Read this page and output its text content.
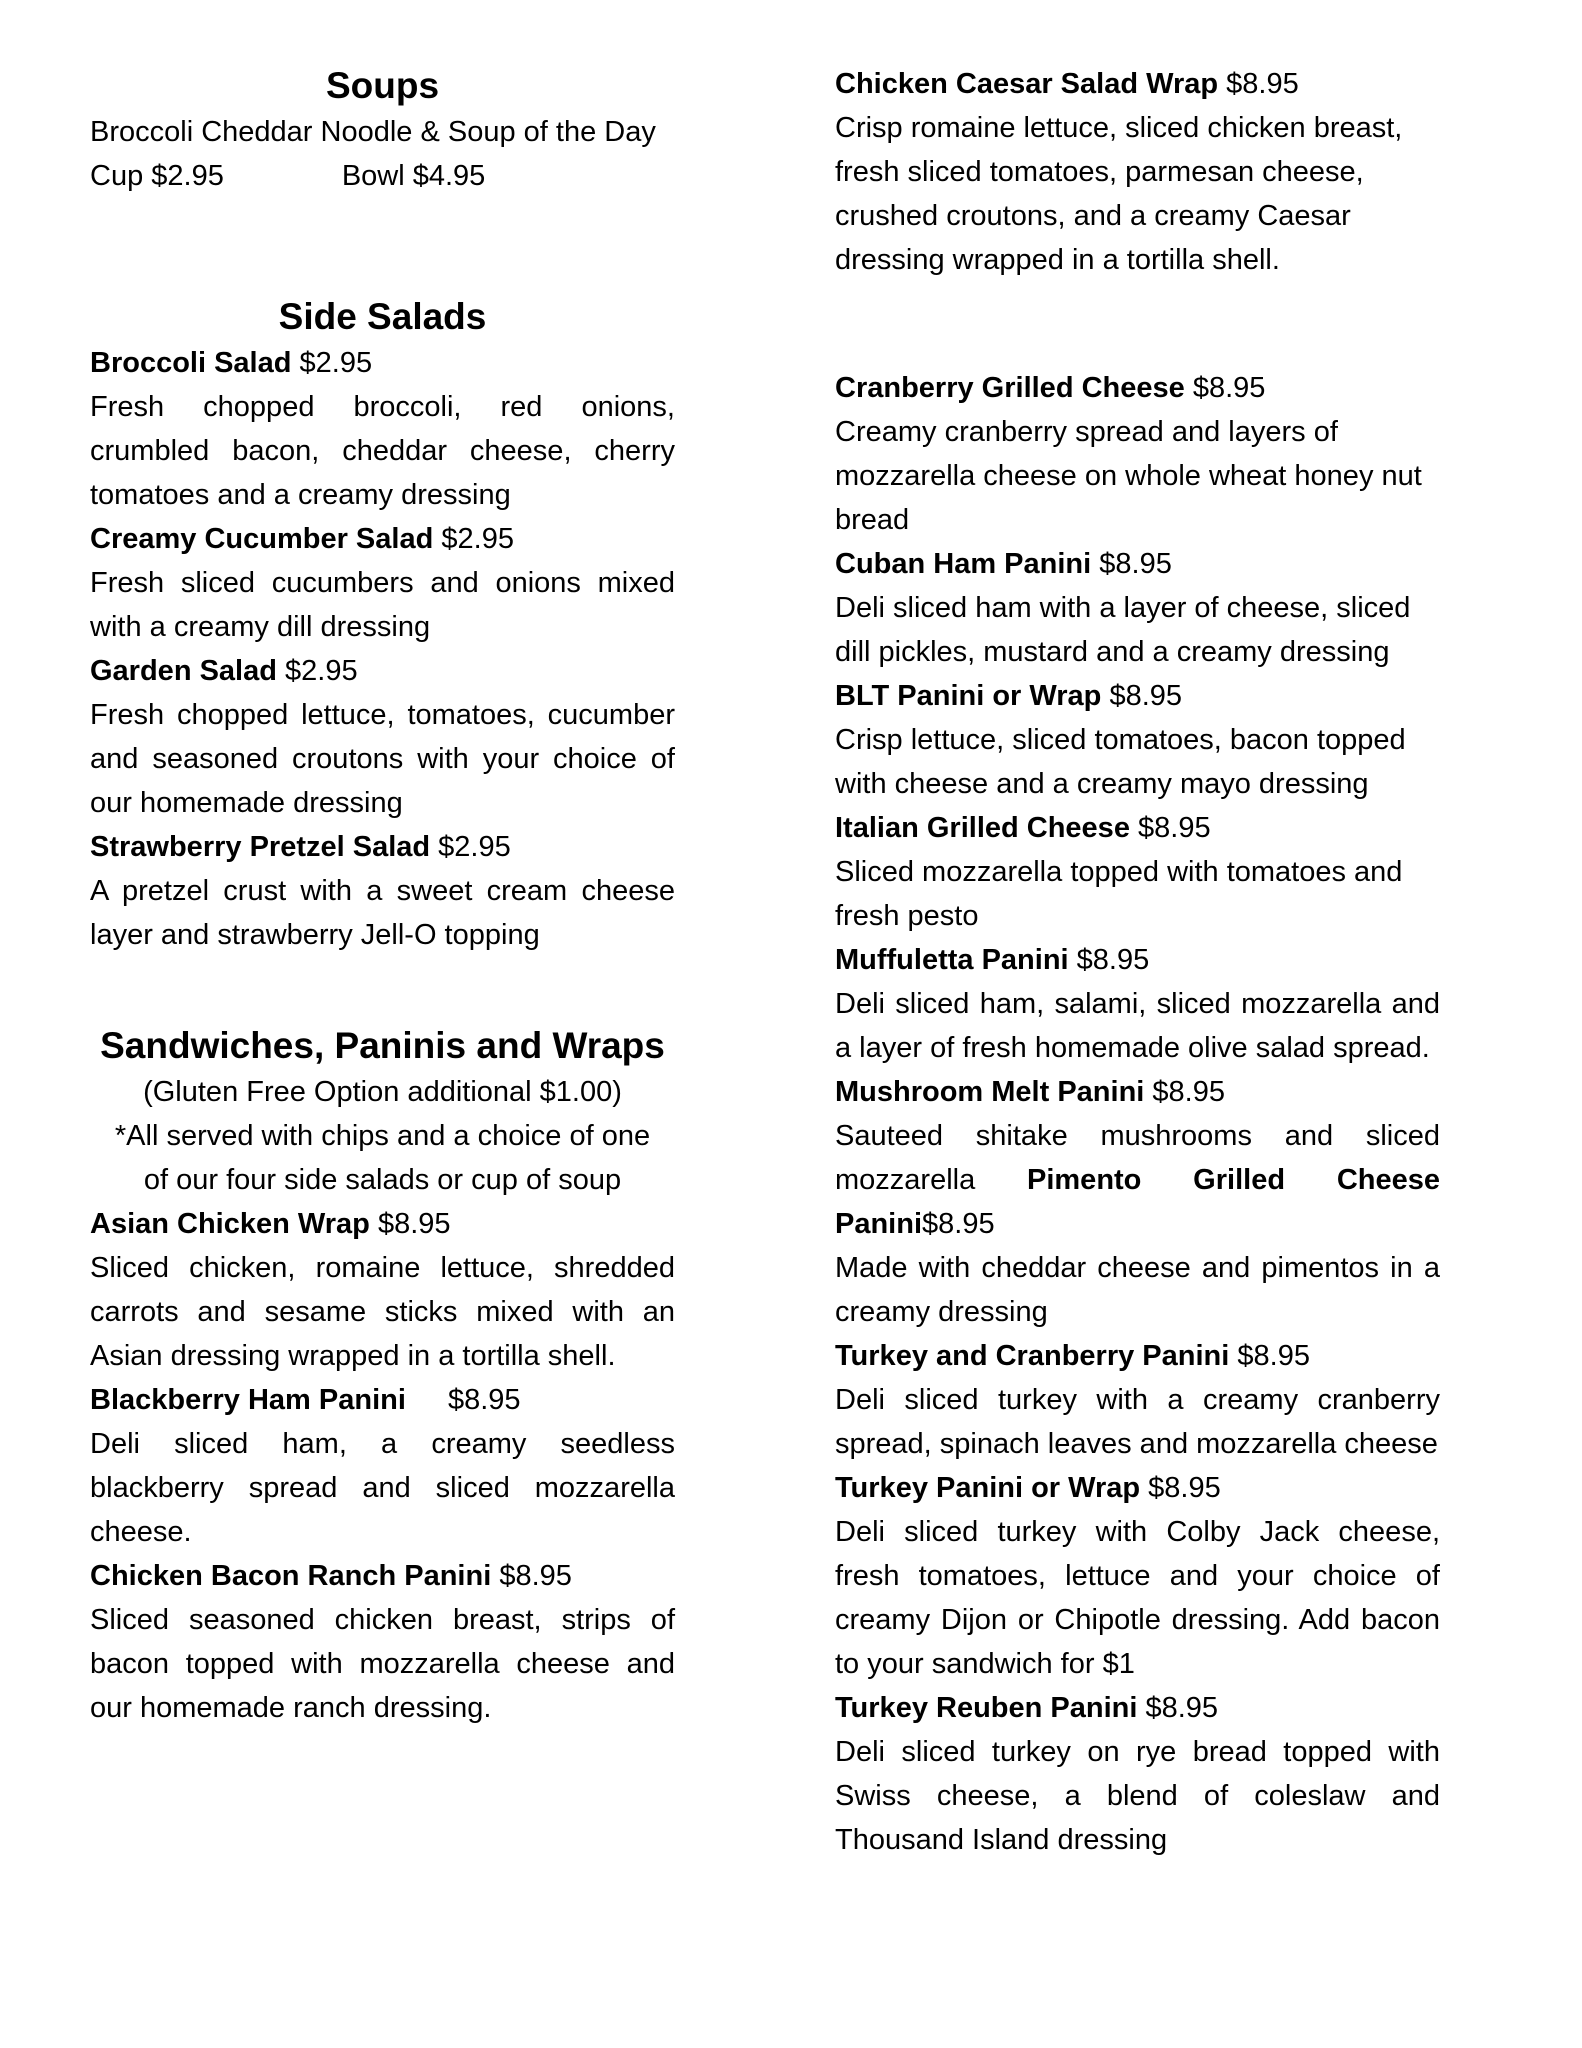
Soups

Broccoli Cheddar Noodle & Soup of the Day

Cup $2.95	Bowl $4.95

Side Salads

Broccoli Salad $2.95

Fresh chopped broccoli, red onions, crumbled bacon, cheddar cheese, cherry tomatoes and a creamy dressing

Creamy Cucumber Salad $2.95

Fresh sliced cucumbers and onions mixed with a creamy dill dressing

Garden Salad $2.95

Fresh chopped lettuce, tomatoes, cucumber and seasoned croutons with your choice of our homemade dressing

Strawberry Pretzel Salad $2.95

A pretzel crust with a sweet cream cheese layer and strawberry Jell-O topping

Sandwiches, Paninis and Wraps

(Gluten Free Option additional $1.00)

*All served with chips and a choice of one of our four side salads or cup of soup

Asian Chicken Wrap $8.95

Sliced chicken, romaine lettuce, shredded carrots and sesame sticks mixed with an Asian dressing wrapped in a tortilla shell.

Blackberry Ham Panini $8.95

Deli sliced ham, a creamy seedless blackberry spread and sliced mozzarella cheese.

Chicken Bacon Ranch Panini $8.95

Sliced seasoned chicken breast, strips of bacon topped with mozzarella cheese and our homemade ranch dressing.

Chicken Caesar Salad Wrap $8.95

Crisp romaine lettuce, sliced chicken breast, fresh sliced tomatoes, parmesan cheese, crushed croutons, and a creamy Caesar dressing wrapped in a tortilla shell.

Cranberry Grilled Cheese $8.95

Creamy cranberry spread and layers of mozzarella cheese on whole wheat honey nut bread

Cuban Ham Panini $8.95

Deli sliced ham with a layer of cheese, sliced dill pickles, mustard and a creamy dressing

BLT Panini or Wrap $8.95

Crisp lettuce, sliced tomatoes, bacon topped with cheese and a creamy mayo dressing

Italian Grilled Cheese $8.95

Sliced mozzarella topped with tomatoes and fresh pesto

Muffuletta Panini $8.95

Deli sliced ham, salami, sliced mozzarella and a layer of fresh homemade olive salad spread.

Mushroom Melt Panini $8.95

Sauteed shitake mushrooms and sliced mozzarella Pimento Grilled Cheese Panini$8.95

Made with cheddar cheese and pimentos in a creamy dressing

Turkey and Cranberry Panini $8.95

Deli sliced turkey with a creamy cranberry spread, spinach leaves and mozzarella cheese

Turkey Panini or Wrap $8.95

Deli sliced turkey with Colby Jack cheese, fresh tomatoes, lettuce and your choice of creamy Dijon or Chipotle dressing. Add bacon to your sandwich for $1

Turkey Reuben Panini $8.95

Deli sliced turkey on rye bread topped with Swiss cheese, a blend of coleslaw and Thousand Island dressing
